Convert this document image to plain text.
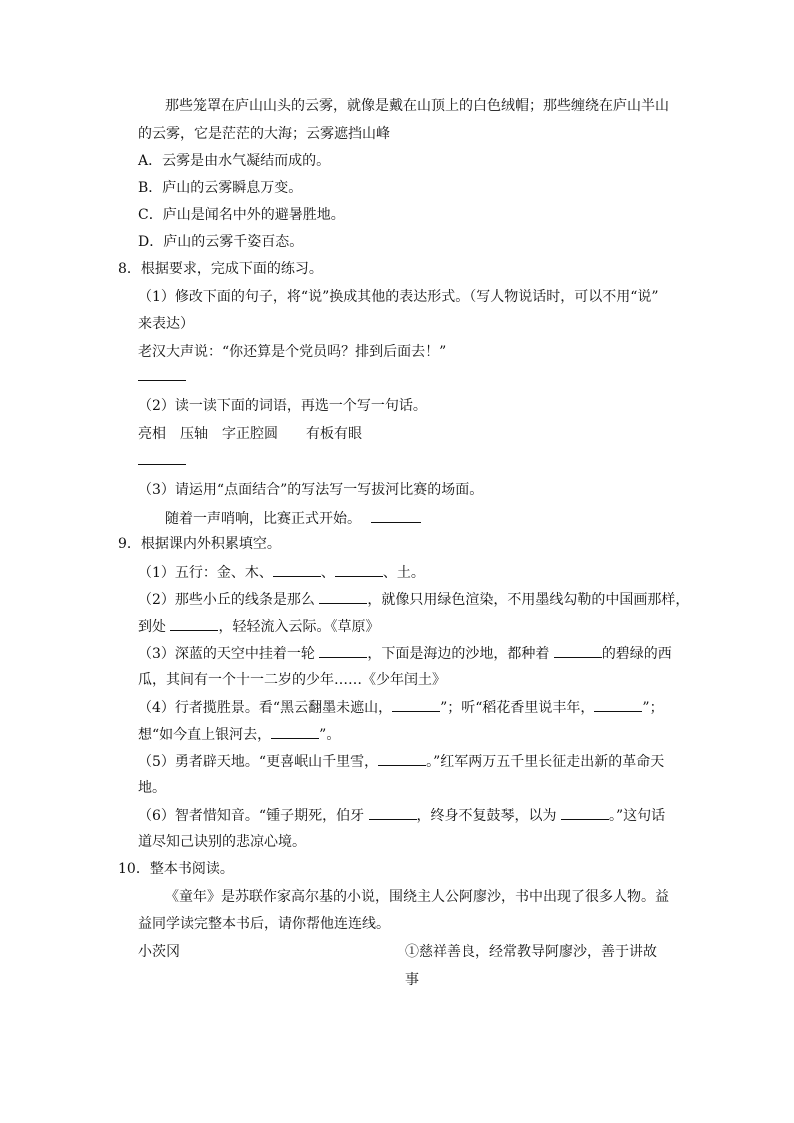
那些笼罩在庐山山头的云雾，就像是戴在山顶上的白色绒帽；那些缠绕在庐山半山
的云雾，它是茫茫的大海；云雾遮挡山峰
A．云雾是由水气凝结而成的。
B．庐山的云雾瞬息万变。
C．庐山是闻名中外的避暑胜地。
D．庐山的云雾千姿百态。
8．根据要求，完成下面的练习。
（1）修改下面的句子，将“说”换成其他的表达形式。（写人物说话时，可以不用“说”
来表达）
老汉大声说：“你还算是个党员吗？排到后面去！”
（2）读一读下面的词语，再选一个写一句话。
亮相　压轴　字正腔圆　　有板有眼
（3）请运用“点面结合”的写法写一写拔河比赛的场面。
随着一声哨响，比赛正式开始。
9．根据课内外积累填空。
（1）五行：金、木、	、	、土。
（2）那些小丘的线条是那么	，就像只用绿色渲染，不用墨线勾勒的中国画那样，
到处	，轻轻流入云际。《草原》
（3）深蓝的天空中挂着一轮	，下面是海边的沙地，都种着	的碧绿的西
瓜，其间有一个十一二岁的少年……《少年闰土》
（4）行者揽胜景。看“黑云翻墨未遮山，	”；听“稻花香里说丰年，	”；
想“如今直上银河去，	”。
（5）勇者辟天地。“更喜岷山千里雪，	。”红军两万五千里长征走出新的革命天
地。
（6）智者惜知音。“锺子期死，伯牙	，终身不复鼓琴，以为	。”这句话
道尽知己诀别的悲凉心境。
10．整本书阅读。
《童年》是苏联作家高尔基的小说，围绕主人公阿廖沙，书中出现了很多人物。益
益同学读完整本书后，请你帮他连连线。
小茨冈	①慈祥善良，经常教导阿廖沙，善于讲故
事
